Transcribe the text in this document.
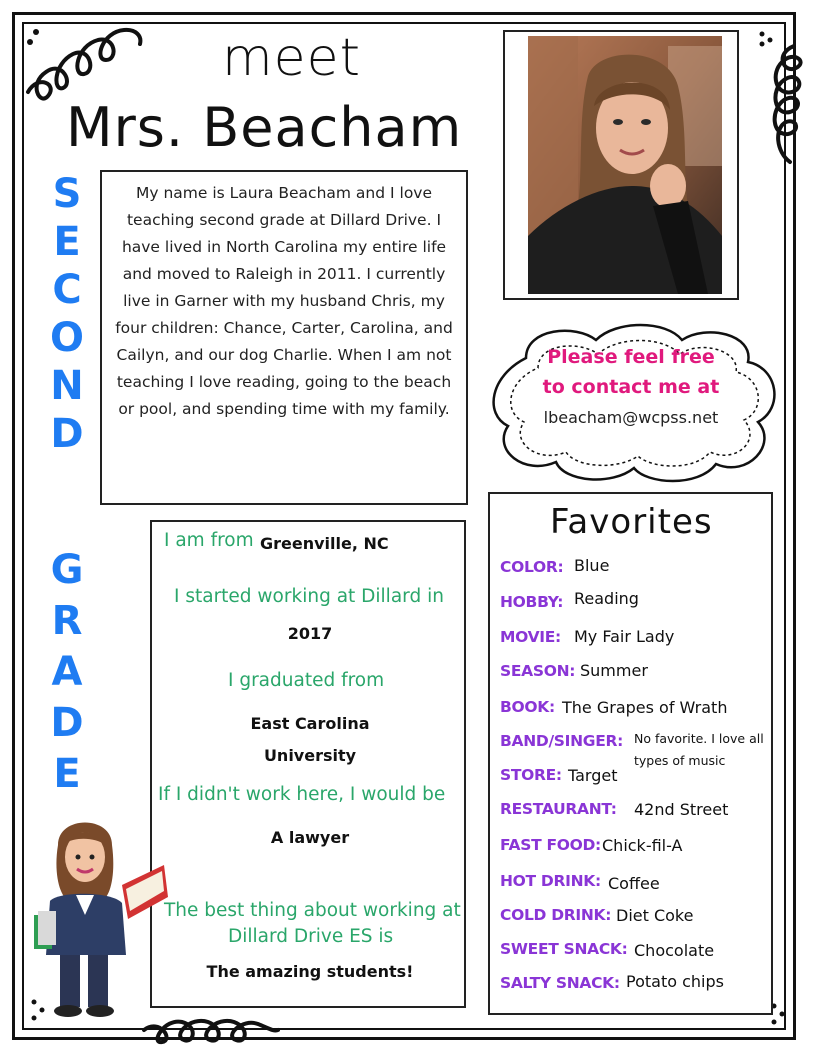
meet
Mrs. Beacham
S
E
C
O
N
D
G
R
A
D
E

My name is Laura Beacham and I love teaching second grade at Dillard Drive. I have lived in North Carolina my entire life and moved to Raleigh in 2011. I currently live in Garner with my husband Chris, my four children: Chance, Carter, Carolina, and Cailyn, and our dog Charlie. When I am not teaching I love reading, going to the beach or pool, and spending time with my family.

Please feel free
to contact me at
lbeacham@wcpss.net
I am from Greenville, NC
I started working at Dillard in
2017
I graduated from
East Carolina
University
If I didn't work here, I would be
A lawyer
The best thing about working at
Dillard Drive ES is
The amazing students!
Favorites
COLOR: Blue
HOBBY: Reading
MOVIE: My Fair Lady
SEASON: Summer
BOOK: The Grapes of Wrath
BAND/SINGER: No favorite. I love all types of music
STORE: Target
RESTAURANT: 42nd Street
FAST FOOD: Chick-fil-A
HOT DRINK: Coffee
COLD DRINK: Diet Coke
SWEET SNACK: Chocolate
SALTY SNACK: Potato chips
